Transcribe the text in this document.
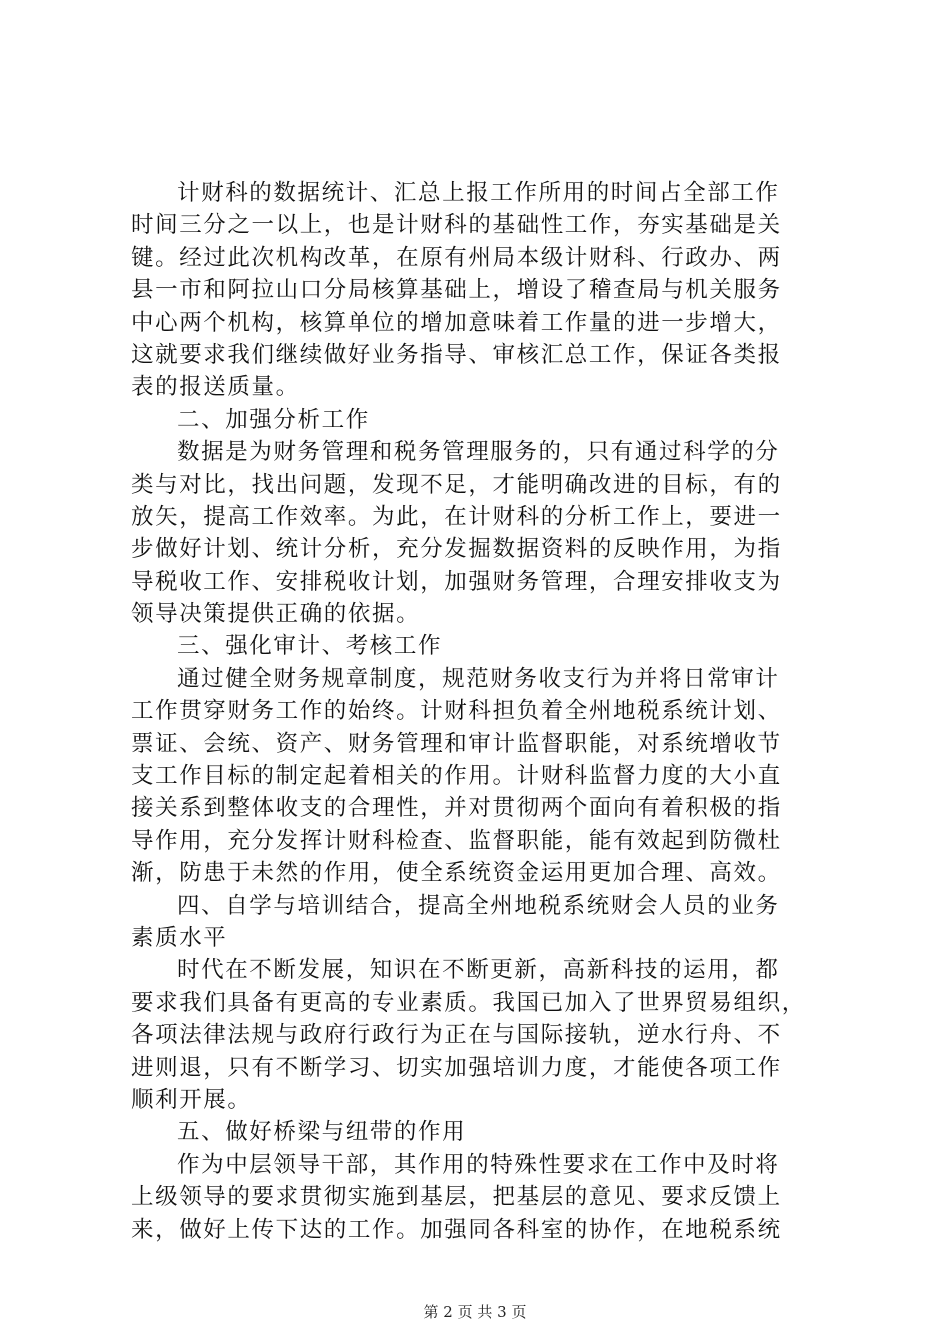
计财科的数据统计、汇总上报工作所用的时间占全部工作
时间三分之一以上，也是计财科的基础性工作，夯实基础是关
键。经过此次机构改革，在原有州局本级计财科、行政办、两
县一市和阿拉山口分局核算基础上，增设了稽查局与机关服务
中心两个机构，核算单位的增加意味着工作量的进一步增大，
这就要求我们继续做好业务指导、审核汇总工作，保证各类报
表的报送质量。
二、加强分析工作
数据是为财务管理和税务管理服务的，只有通过科学的分
类与对比，找出问题，发现不足，才能明确改进的目标，有的
放矢，提高工作效率。为此，在计财科的分析工作上，要进一
步做好计划、统计分析，充分发掘数据资料的反映作用，为指
导税收工作、安排税收计划，加强财务管理，合理安排收支为
领导决策提供正确的依据。
三、强化审计、考核工作
通过健全财务规章制度，规范财务收支行为并将日常审计
工作贯穿财务工作的始终。计财科担负着全州地税系统计划、
票证、会统、资产、财务管理和审计监督职能，对系统增收节
支工作目标的制定起着相关的作用。计财科监督力度的大小直
接关系到整体收支的合理性，并对贯彻两个面向有着积极的指
导作用，充分发挥计财科检查、监督职能，能有效起到防微杜
渐，防患于未然的作用，使全系统资金运用更加合理、高效。
四、自学与培训结合，提高全州地税系统财会人员的业务
素质水平
时代在不断发展，知识在不断更新，高新科技的运用，都
要求我们具备有更高的专业素质。我国已加入了世界贸易组织，
各项法律法规与政府行政行为正在与国际接轨，逆水行舟、不
进则退，只有不断学习、切实加强培训力度，才能使各项工作
顺利开展。
五、做好桥梁与纽带的作用
作为中层领导干部，其作用的特殊性要求在工作中及时将
上级领导的要求贯彻实施到基层，把基层的意见、要求反馈上
来，做好上传下达的工作。加强同各科室的协作，在地税系统
第 2 页 共 3 页
